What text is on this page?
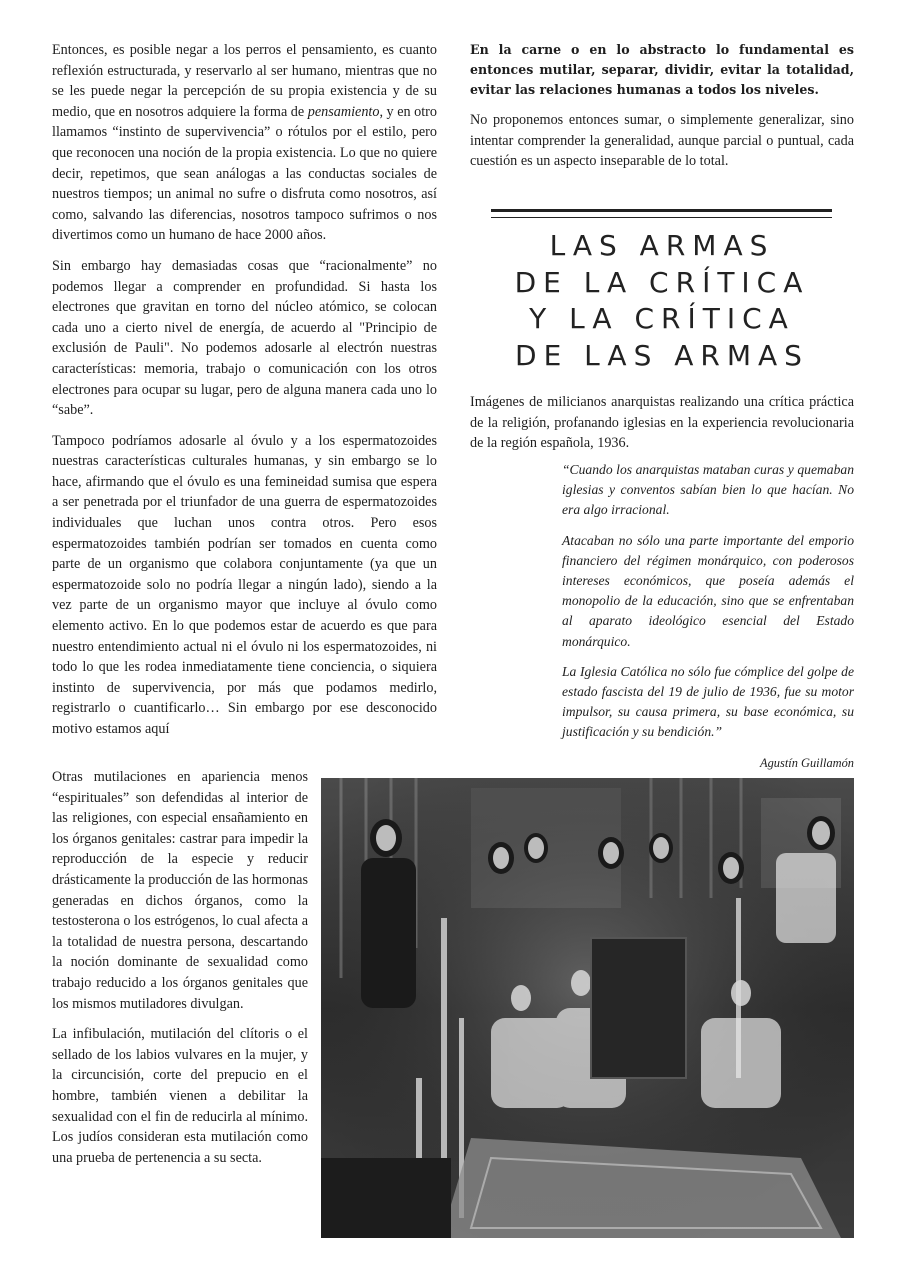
Entonces, es posible negar a los perros el pensamiento, es cuanto reflexión estructurada, y reservarlo al ser humano, mientras que no se les puede negar la percepción de su propia existencia y de su medio, que en nosotros adquiere la forma de pensamiento, y en otro llamamos “instinto de supervivencia” o rótulos por el estilo, pero que reconocen una noción de la propia existencia. Lo que no quiere decir, repetimos, que sean análogas a las conductas sociales de nuestros tiempos; un animal no sufre o disfruta como nosotros, así como, salvando las diferencias, nosotros tampoco sufrimos o nos divertimos como un humano de hace 2000 años.

Sin embargo hay demasiadas cosas que “racionalmente” no podemos llegar a comprender en profundidad. Si hasta los electrones que gravitan en torno del núcleo atómico, se colocan cada uno a cierto nivel de energía, de acuerdo al "Principio de exclusión de Pauli". No podemos adosarle al electrón nuestras características: memoria, trabajo o comunicación con los otros electrones para ocupar su lugar, pero de alguna manera cada uno lo “sabe”.

Tampoco podríamos adosarle al óvulo y a los espermatozoides nuestras características culturales humanas, y sin embargo se lo hace, afirmando que el óvulo es una femineidad sumisa que espera a ser penetrada por el triunfador de una guerra de espermatozoides individuales que luchan unos contra otros. Pero esos espermatozoides también podrían ser tomados en cuenta como parte de un organismo que colabora conjuntamente (ya que un espermatozoide solo no podría llegar a ningún lado), siendo a la vez parte de un organismo mayor que incluye al óvulo como elemento activo. En lo que podemos estar de acuerdo es que para nuestro entendimiento actual ni el óvulo ni los espermatozoides, ni todo lo que les rodea inmediatamente tiene conciencia, o siquiera instinto de supervivencia, por más que podamos medirlo, registrarlo o cuantificarlo… Sin embargo por ese desconocido motivo estamos aquí

En la carne o en lo abstracto lo fundamental es entonces mutilar, separar, dividir, evitar la totalidad, evitar las relaciones humanas a todos los niveles.

No proponemos entonces sumar, o simplemente generalizar, sino intentar comprender la generalidad, aunque parcial o puntual, cada cuestión es un aspecto inseparable de lo total.

LAS ARMAS
DE LA CRÍTICA
Y LA CRÍTICA
DE LAS ARMAS
Imágenes de milicianos anarquistas realizando una crítica práctica de la religión, profanando iglesias en la experiencia revolucionaria de la región española, 1936.

“Cuando los anarquistas mataban curas y quemaban iglesias y conventos sabían bien lo que hacían. No era algo irracional.

Atacaban no sólo una parte importante del emporio financiero del régimen monárquico, con poderosos intereses económicos, que poseía además el monopolio de la educación, sino que se enfrentaban al aparato ideológico esencial del Estado monárquico.

La Iglesia Católica no sólo fue cómplice del golpe de estado fascista del 19 de julio de 1936, fue su motor impulsor, su causa primera, su base económica, su justificación y su bendición.”

Agustín Guillamón

Otras mutilaciones en apariencia menos “espirituales” son defendidas al interior de las religiones, con especial ensañamiento en los órganos genitales: castrar para impedir la reproducción de la especie y reducir drásticamente la producción de las hormonas generadas en dichos órganos, como la testosterona o los estrógenos, lo cual afecta a la totalidad de nuestra persona, descartando la noción dominante de sexualidad como trabajo reducido a los órganos genitales que los mismos mutiladores divulgan.

La infibulación, mutilación del clítoris o el sellado de los labios vulvares en la mujer, y la circuncisión, corte del prepucio en el hombre, también vienen a debilitar la sexualidad con el fin de reducirla al mínimo. Los judíos consideran esta mutilación como una prueba de pertenencia a su secta.
